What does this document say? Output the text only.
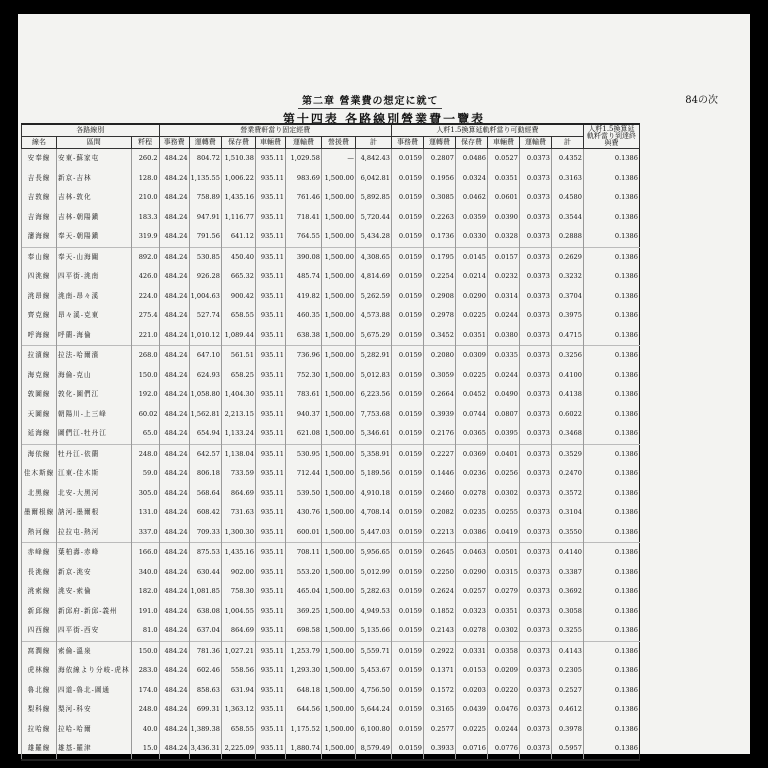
第二章 營業費の想定に就て	84の次
第十四表 各路線別營業費一覽表
各路線別			營業費軒當り固定經費							人粁1.5換算延軌粁當り可動經費						人粁1.5換算延軌粁當り到達終與費
線名	區間	粁程	事務費	運轉費	保存費	車輛費	運輸費	營援費	計	事務費	運轉費	保存費	車輛費	運輸費	計	
安奉線	安東-蘇家屯	260.2	484.24	804.72	1,510.38	935.11	1,029.58	—	4,842.43	0.0159	0.2807	0.0486	0.0527	0.0373	0.4352	0.1386
吉長線	新京-吉林	128.0	484.24	1,135.55	1,006.22	935.11	983.69	1,500.00	6,042.81	0.0159	0.1956	0.0324	0.0351	0.0373	0.3163	0.1386
吉敦線	吉林-敦化	210.0	484.24	758.89	1,435.16	935.11	761.46	1,500.00	5,892.85	0.0159	0.3085	0.0462	0.0601	0.0373	0.4580	0.1386
吉海線	吉林-朝陽鎭	183.3	484.24	947.91	1,116.77	935.11	718.41	1,500.00	5,720.44	0.0159	0.2263	0.0359	0.0390	0.0373	0.3544	0.1386
瀋海線	奉天-朝陽鎭	319.9	484.24	791.56	641.12	935.11	764.55	1,500.00	5,434.28	0.0159	0.1736	0.0330	0.0328	0.0373	0.2888	0.1386
奉山線	奉天-山海關	892.0	484.24	530.85	450.40	935.11	390.08	1,500.00	4,308.65	0.0159	0.1795	0.0145	0.0157	0.0373	0.2629	0.1386
四洮線	四平街-洮南	426.0	484.24	926.28	665.32	935.11	485.74	1,500.00	4,814.69	0.0159	0.2254	0.0214	0.0232	0.0373	0.3232	0.1386
洮昂線	洮南-昂々溪	224.0	484.24	1,004.63	900.42	935.11	419.82	1,500.00	5,262.59	0.0159	0.2908	0.0290	0.0314	0.0373	0.3704	0.1386
齊克線	昂々溪-克東	275.4	484.24	527.74	658.55	935.11	460.35	1,500.00	4,573.88	0.0159	0.2978	0.0225	0.0244	0.0373	0.3975	0.1386
呼海線	呼蘭-海倫	221.0	484.24	1,010.12	1,089.44	935.11	638.38	1,500.00	5,675.29	0.0159	0.3452	0.0351	0.0380	0.0373	0.4715	0.1386
拉濱線	拉法-哈爾濱	268.0	484.24	647.10	561.51	935.11	736.96	1,500.00	5,282.91	0.0159	0.2080	0.0309	0.0335	0.0373	0.3256	0.1386
海克線	海倫-克山	150.0	484.24	624.93	658.25	935.11	752.30	1,500.00	5,012.83	0.0159	0.3059	0.0225	0.0244	0.0373	0.4100	0.1386
敦圖線	敦化-圖們江	192.0	484.24	1,058.80	1,404.30	935.11	783.61	1,500.00	6,223.56	0.0159	0.2664	0.0452	0.0490	0.0373	0.4138	0.1386
天圖線	朝陽川-上三峰	60.02	484.24	1,562.81	2,213.15	935.11	940.37	1,500.00	7,753.68	0.0159	0.3939	0.0744	0.0807	0.0373	0.6022	0.1386
延海線	圖們江-牡丹江	65.0	484.24	654.94	1,133.24	935.11	621.08	1,500.00	5,346.61	0.0159	0.2176	0.0365	0.0395	0.0373	0.3468	0.1386
海依線	牡丹江-依蘭	248.0	484.24	642.57	1,138.04	935.11	530.95	1,500.00	5,358.91	0.0159	0.2227	0.0369	0.0401	0.0373	0.3529	0.1386
佳木斯線	江東-佳木斯	59.0	484.24	806.18	733.59	935.11	712.44	1,500.00	5,189.56	0.0159	0.1446	0.0236	0.0256	0.0373	0.2470	0.1386
北黑線	北安-大黑河	305.0	484.24	568.64	864.69	935.11	539.50	1,500.00	4,910.18	0.0159	0.2460	0.0278	0.0302	0.0373	0.3572	0.1386
墨爾根線	訥河-墨爾根	131.0	484.24	608.42	731.63	935.11	430.76	1,500.00	4,708.14	0.0159	0.2082	0.0235	0.0255	0.0373	0.3104	0.1386
熱河線	拉拉屯-熱河	337.0	484.24	709.33	1,300.30	935.11	600.01	1,500.00	5,447.03	0.0159	0.2213	0.0386	0.0419	0.0373	0.3550	0.1386
赤峰線	葉柏壽-赤峰	166.0	484.24	875.53	1,435.16	935.11	708.11	1,500.00	5,956.65	0.0159	0.2645	0.0463	0.0501	0.0373	0.4140	0.1386
長洮線	新京-洮安	340.0	484.24	630.44	902.00	935.11	553.20	1,500.00	5,012.99	0.0159	0.2250	0.0290	0.0315	0.0373	0.3387	0.1386
洮索線	洮安-索倫	182.0	484.24	1,081.85	758.30	935.11	465.04	1,500.00	5,282.63	0.0159	0.2624	0.0257	0.0279	0.0373	0.3692	0.1386
新邱線	新邱府-新邱-義州	191.0	484.24	638.08	1,004.55	935.11	369.25	1,500.00	4,949.53	0.0159	0.1852	0.0323	0.0351	0.0373	0.3058	0.1386
四西線	四平街-西安	81.0	484.24	637.04	864.69	935.11	698.58	1,500.00	5,135.66	0.0159	0.2143	0.0278	0.0302	0.0373	0.3255	0.1386
窩潤線	索倫-溫泉	150.0	484.24	781.36	1,027.21	935.11	1,253.79	1,500.00	5,559.71	0.0159	0.2922	0.0331	0.0358	0.0373	0.4143	0.1386
虎林線	海依線より分岐-虎林	283.0	484.24	602.46	558.56	935.11	1,293.30	1,500.00	5,453.67	0.0159	0.1371	0.0153	0.0209	0.0373	0.2305	0.1386
魯北線	四道-魯北-圖通	174.0	484.24	858.63	631.94	935.11	648.18	1,500.00	4,756.50	0.0159	0.1572	0.0203	0.0220	0.0373	0.2527	0.1386
梨科線	梨河-科安	248.0	484.24	699.31	1,363.12	935.11	644.56	1,500.00	5,644.24	0.0159	0.3165	0.0439	0.0476	0.0373	0.4612	0.1386
拉哈線	拉哈-哈爾	40.0	484.24	1,389.38	658.55	935.11	1,175.52	1,500.00	6,100.80	0.0159	0.2577	0.0225	0.0244	0.0373	0.3978	0.1386
雄羅線	雄基-羅津	15.0	484.24	3,436.31	2,225.09	935.11	1,880.74	1,500.00	8,579.49	0.0159	0.3933	0.0716	0.0776	0.0373	0.5957	0.1386
